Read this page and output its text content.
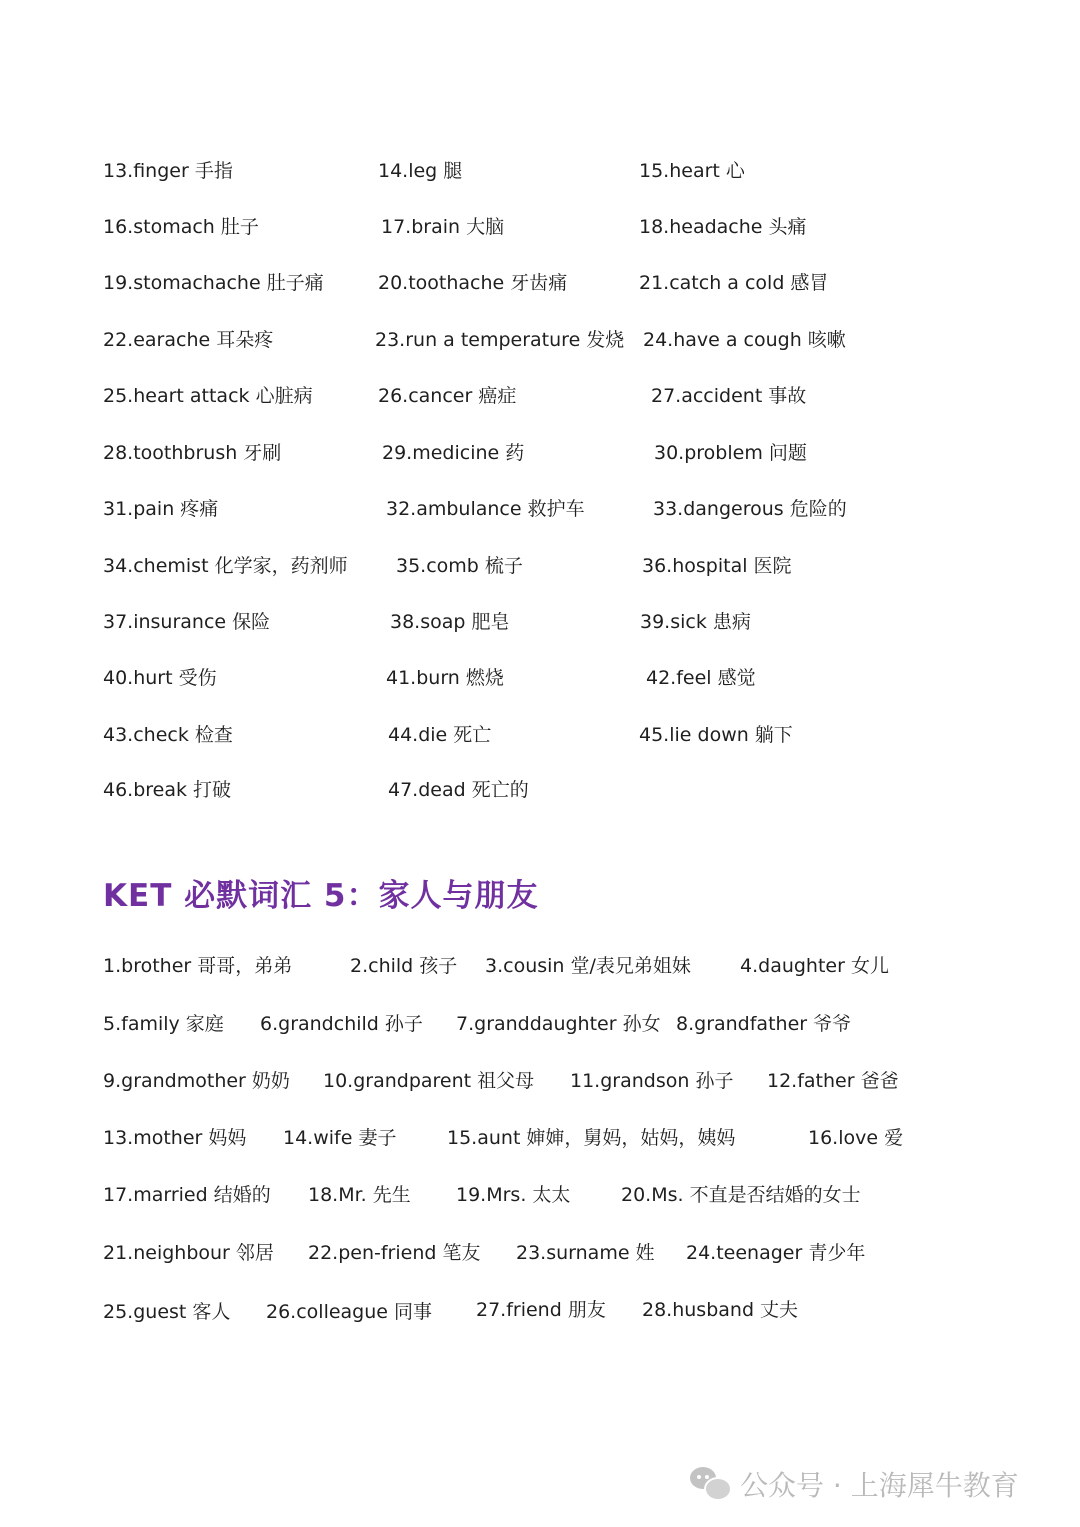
13.finger 手指	14.leg 腿	15.heart 心
16.stomach 肚子	17.brain 大脑	18.headache 头痛
19.stomachache 肚子痛	20.toothache 牙齿痛	21.catch a cold 感冒
22.earache 耳朵疼	23.run a temperature 发烧 24.have a cough 咳嗽
25.heart attack 心脏病	26.cancer 癌症	27.accident 事故
28.toothbrush 牙刷	29.medicine 药	30.problem 问题
31.pain 疼痛	32.ambulance 救护车	33.dangerous 危险的
34.chemist 化学家，药剂师	35.comb 梳子	36.hospital 医院
37.insurance 保险	38.soap 肥皂	39.sick 患病
40.hurt 受伤	41.burn 燃烧	42.feel 感觉
43.check 检查	44.die 死亡	45.lie down 躺下
46.break 打破	47.dead 死亡的
KET 必默词汇 5：家人与朋友
1.brother 哥哥，弟弟	2.child 孩子 3.cousin 堂/表兄弟姐妹	4.daughter 女儿
5.family 家庭 6.grandchild 孙子 7.granddaughter 孙女 8.grandfather 爷爷
9.grandmother 奶奶 10.grandparent 祖父母 11.grandson 孙子 12.father 爸爸
13.mother 妈妈 14.wife 妻子	15.aunt 婶婶，舅妈，姑妈，姨妈	16.love 爱
17.married 结婚的 18.Mr. 先生 19.Mrs. 太太	20.Ms. 不直是否结婚的女士
21.neighbour 邻居 22.pen-friend 笔友 23.surname 姓 24.teenager 青少年
25.guest 客人 26.colleague 同事 27.friend 朋友 28.husband 丈夫
公众号 · 上海犀牛教育
